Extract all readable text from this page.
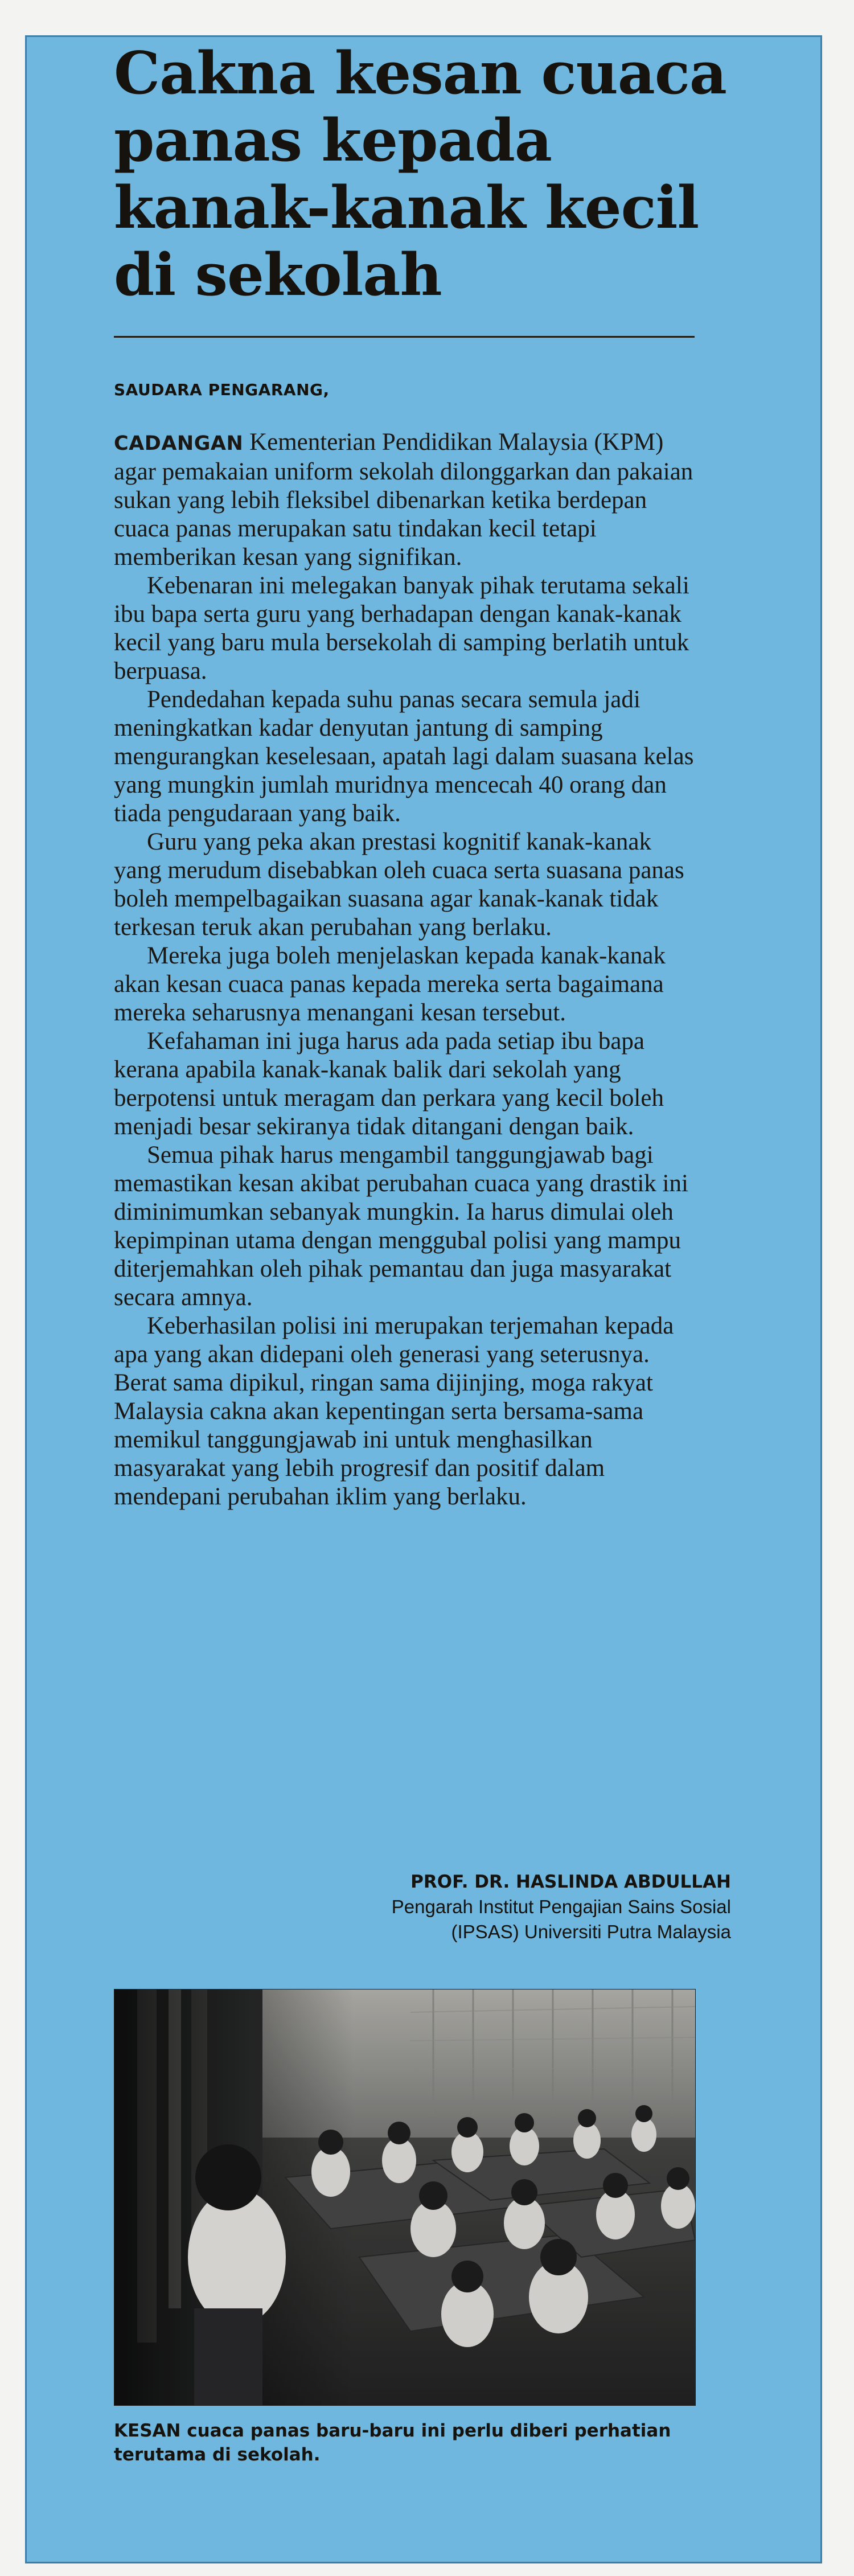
Cakna kesan cuaca panas kepada kanak-kanak kecil di sekolah
SAUDARA PENGARANG,

CADANGAN Kementerian Pendidikan Malaysia (KPM) agar pemakaian uniform sekolah dilonggarkan dan pakaian sukan yang lebih fleksibel dibenarkan ketika berdepan cuaca panas merupakan satu tindakan kecil tetapi memberikan kesan yang signifikan.

Kebenaran ini melegakan banyak pihak terutama sekali ibu bapa serta guru yang berhadapan dengan kanak-kanak kecil yang baru mula bersekolah di samping berlatih untuk berpuasa.

Pendedahan kepada suhu panas secara semula jadi meningkatkan kadar denyutan jantung di samping mengurangkan keselesaan, apatah lagi dalam suasana kelas yang mungkin jumlah muridnya mencecah 40 orang dan tiada pengudaraan yang baik.

Guru yang peka akan prestasi kognitif kanak-kanak yang merudum disebabkan oleh cuaca serta suasana panas boleh mempelbagaikan suasana agar kanak-kanak tidak terkesan teruk akan perubahan yang berlaku.

Mereka juga boleh menjelaskan kepada kanak-kanak akan kesan cuaca panas kepada mereka serta bagaimana mereka seharusnya menangani kesan tersebut.

Kefahaman ini juga harus ada pada setiap ibu bapa kerana apabila kanak-kanak balik dari sekolah yang berpotensi untuk meragam dan perkara yang kecil boleh menjadi besar sekiranya tidak ditangani dengan baik.

Semua pihak harus mengambil tanggungjawab bagi memastikan kesan akibat perubahan cuaca yang drastik ini diminimumkan sebanyak mungkin. Ia harus dimulai oleh kepimpinan utama dengan menggubal polisi yang mampu diterjemahkan oleh pihak pemantau dan juga masyarakat secara amnya.

Keberhasilan polisi ini merupakan terjemahan kepada apa yang akan didepani oleh generasi yang seterusnya. Berat sama dipikul, ringan sama dijinjing, moga rakyat Malaysia cakna akan kepentingan serta bersama-sama memikul tanggungjawab ini untuk menghasilkan masyarakat yang lebih progresif dan positif dalam mendepani perubahan iklim yang berlaku.

PROF. DR. HASLINDA ABDULLAH
Pengarah Institut Pengajian Sains Sosial
(IPSAS) Universiti Putra Malaysia

KESAN cuaca panas baru-baru ini perlu diberi perhatian terutama di sekolah.
